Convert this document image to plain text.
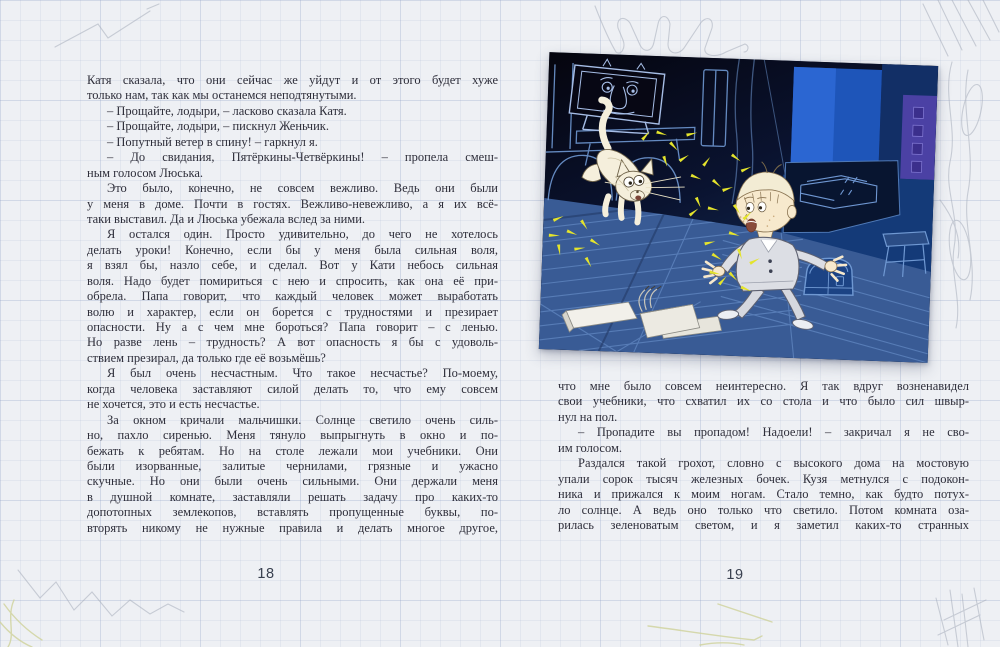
Катя сказала, что они сейчас же уйдут и от этого будет хуже
только нам, так как мы останемся неподтянутыми.
– Прощайте, лодыри, – ласково сказала Катя.
– Прощайте, лодыри, – пискнул Женьчик.
– Попутный ветер в спину! – гаркнул я.
– До свидания, Пятёркины-Четвёркины! – пропела смеш-
ным голосом Люська.
Это было, конечно, не совсем вежливо. Ведь они были
у меня в доме. Почти в гостях. Вежливо-невежливо, а я их всё-
таки выставил. Да и Люська убежала вслед за ними.
Я остался один. Просто удивительно, до чего не хотелось
делать уроки! Конечно, если бы у меня была сильная воля,
я взял бы, назло себе, и сделал. Вот у Кати небось сильная
воля. Надо будет помириться с нею и спросить, как она её при-
обрела. Папа говорит, что каждый человек может выработать
волю и характер, если он борется с трудностями и презирает
опасности. Ну а с чем мне бороться? Папа говорит – с ленью.
Но разве лень – трудность? А вот опасность я бы с удоволь-
ствием презирал, да только где её возьмёшь?
Я был очень несчастным. Что такое несчастье? По-моему,
когда человека заставляют силой делать то, что ему совсем
не хочется, это и есть несчастье.
За окном кричали мальчишки. Солнце светило очень силь-
но, пахло сиренью. Меня тянуло выпрыгнуть в окно и по-
бежать к ребятам. Но на столе лежали мои учебники. Они
были изорванные, залитые чернилами, грязные и ужасно
скучные. Но они были очень сильными. Они держали меня
в душной комнате, заставляли решать задачу про каких-то
допотопных землекопов, вставлять пропущенные буквы, по-
вторять никому не нужные правила и делать многое другое,
что мне было совсем неинтересно. Я так вдруг возненавидел
свои учебники, что схватил их со стола и что было сил швыр-
нул на пол.
– Пропадите вы пропадом! Надоели! – закричал я не сво-
им голосом.
Раздался такой грохот, словно с высокого дома на мостовую
упали сорок тысяч железных бочек. Кузя метнулся с подокон-
ника и прижался к моим ногам. Стало темно, как будто потух-
ло солнце. А ведь оно только что светило. Потом комната оза-
рилась зеленоватым светом, и я заметил каких-то странных
18	19
